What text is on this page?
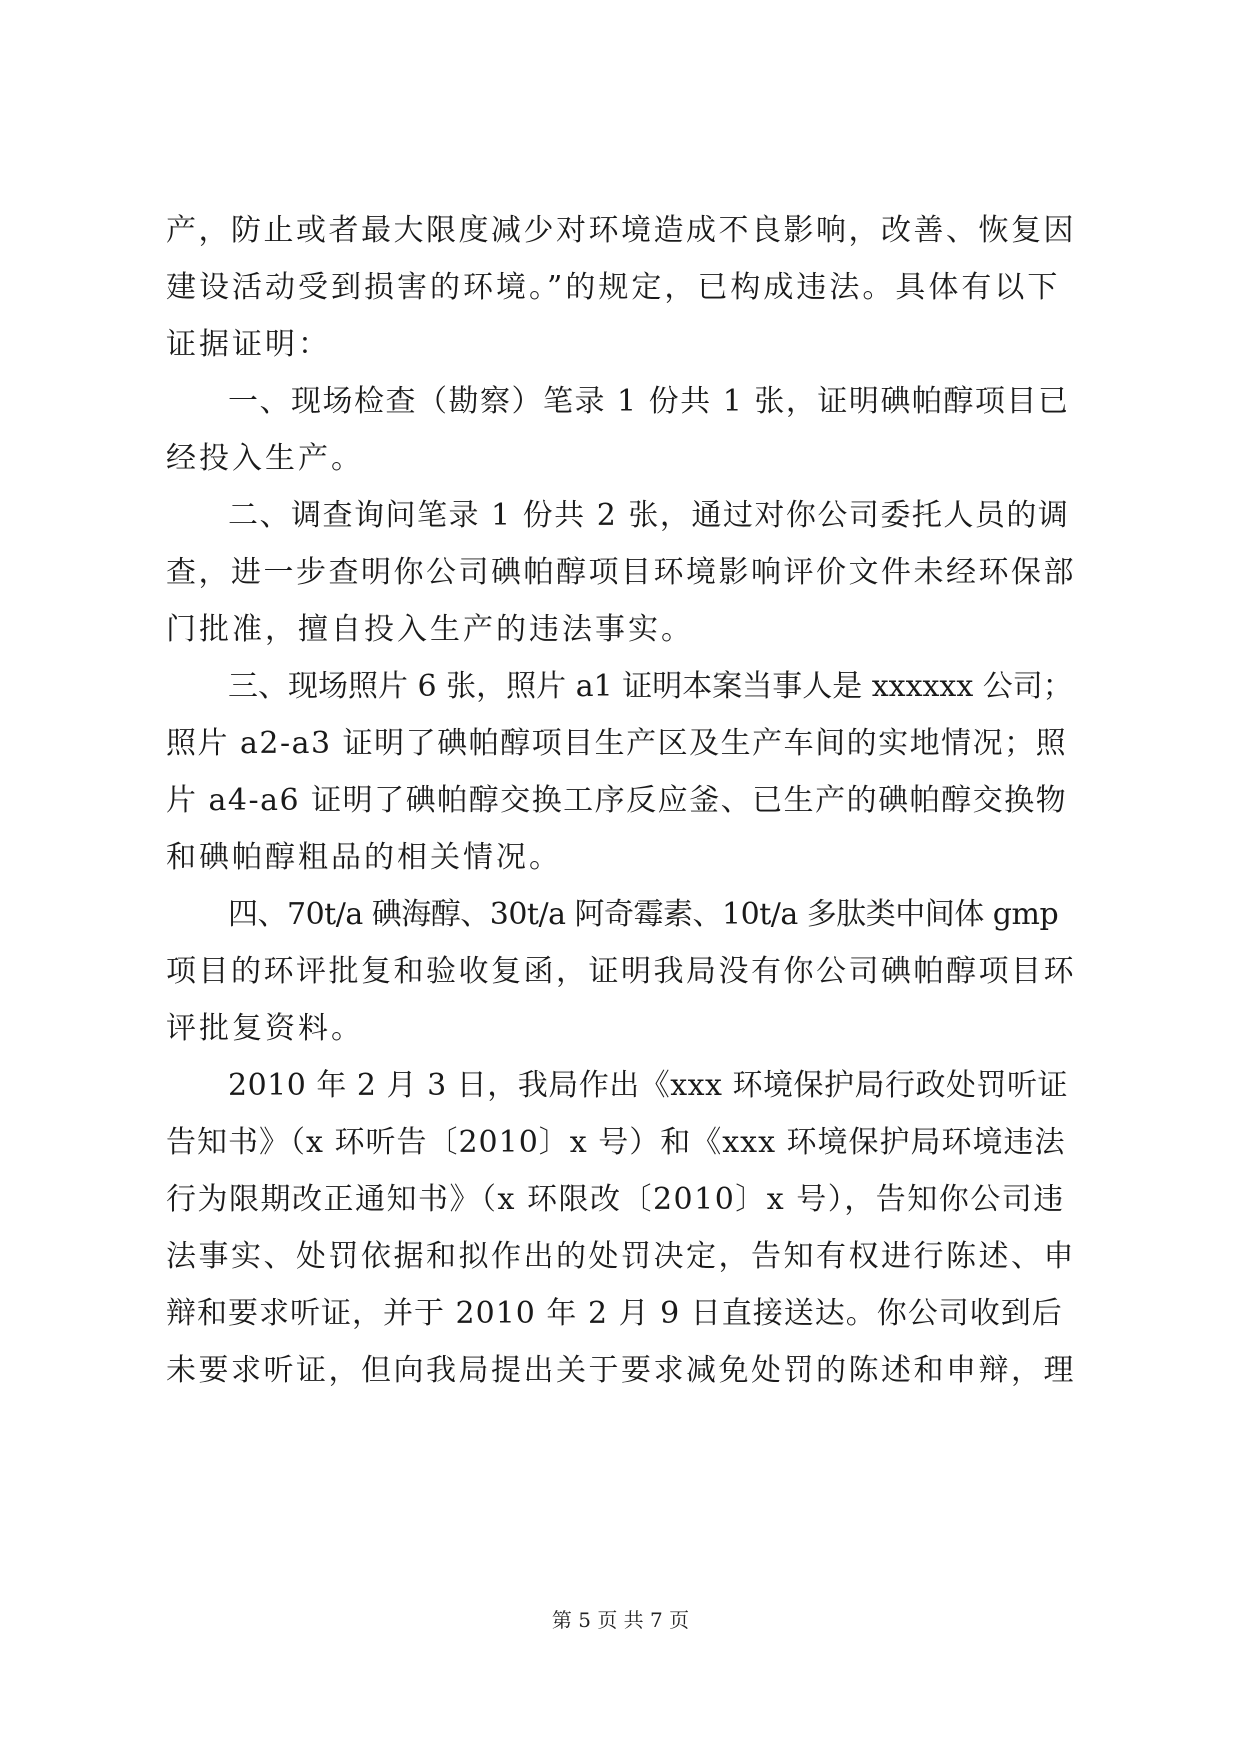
产，防止或者最大限度减少对环境造成不良影响，改善、恢复因
建设活动受到损害的环境。”的规定，已构成违法。具体有以下
证据证明：
一、现场检查（勘察）笔录 1 份共 1 张，证明碘帕醇项目已
经投入生产。
二、调查询问笔录 1 份共 2 张，通过对你公司委托人员的调
查，进一步查明你公司碘帕醇项目环境影响评价文件未经环保部
门批准，擅自投入生产的违法事实。
三、现场照片 6 张，照片 a1 证明本案当事人是 xxxxxx 公司；
照片 a2-a3 证明了碘帕醇项目生产区及生产车间的实地情况；照
片 a4-a6 证明了碘帕醇交换工序反应釜、已生产的碘帕醇交换物
和碘帕醇粗品的相关情况。
四、70t/a 碘海醇、30t/a 阿奇霉素、10t/a 多肽类中间体 gmp
项目的环评批复和验收复函，证明我局没有你公司碘帕醇项目环
评批复资料。
2010 年 2 月 3 日，我局作出《xxx 环境保护局行政处罚听证
告知书》（x 环听告〔2010〕x 号）和《xxx 环境保护局环境违法
行为限期改正通知书》（x 环限改〔2010〕x 号），告知你公司违
法事实、处罚依据和拟作出的处罚决定，告知有权进行陈述、申
辩和要求听证，并于 2010 年 2 月 9 日直接送达。你公司收到后
未要求听证，但向我局提出关于要求减免处罚的陈述和申辩，理
第 5 页 共 7 页
